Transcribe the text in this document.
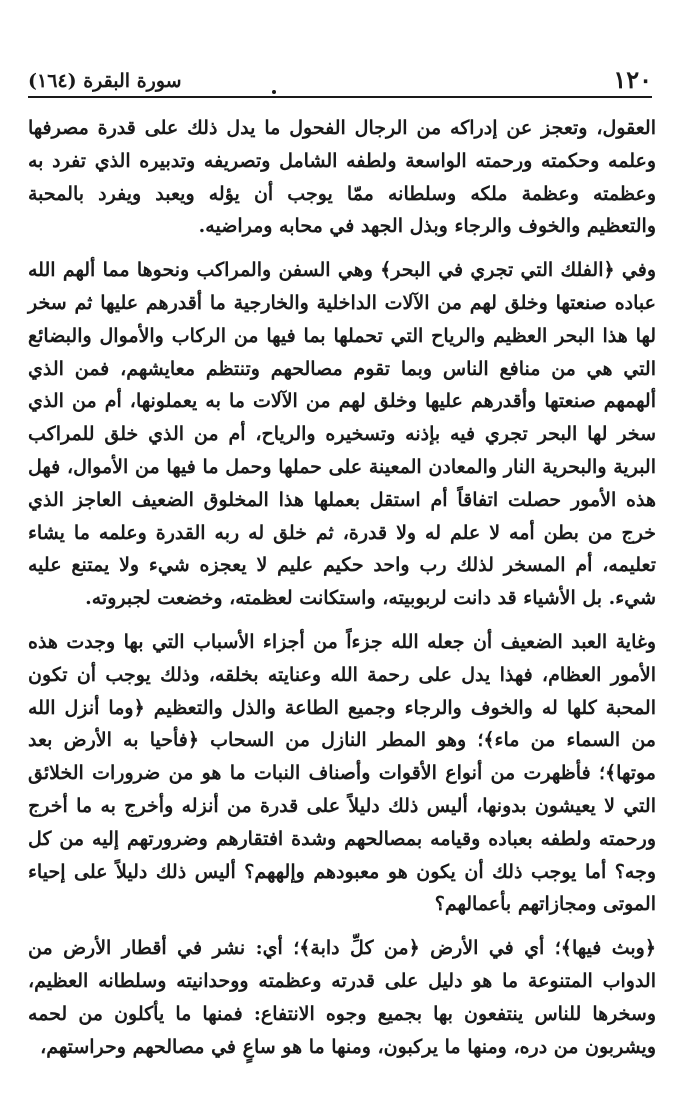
١٢٠
سورة البقرة (١٦٤)

العقول، وتعجز عن إدراكه من الرجال الفحول ما يدل ذلك على قدرة مصرفها وعلمه وحكمته ورحمته الواسعة ولطفه الشامل وتصريفه وتدبيره الذي تفرد به وعظمته وعظمة ملكه وسلطانه ممّا يوجب أن يؤله ويعبد ويفرد بالمحبة والتعظيم والخوف والرجاء وبذل الجهد في محابه ومراضيه.

وفي ﴿الفلك التي تجري في البحر﴾ وهي السفن والمراكب ونحوها مما ألهم الله عباده صنعتها وخلق لهم من الآلات الداخلية والخارجية ما أقدرهم عليها ثم سخر لها هذا البحر العظيم والرياح التي تحملها بما فيها من الركاب والأموال والبضائع التي هي من منافع الناس وبما تقوم مصالحهم وتنتظم معايشهم، فمن الذي ألهمهم صنعتها وأقدرهم عليها وخلق لهم من الآلات ما به يعملونها، أم من الذي سخر لها البحر تجري فيه بإذنه وتسخيره والرياح، أم من الذي خلق للمراكب البرية والبحرية النار والمعادن المعينة على حملها وحمل ما فيها من الأموال، فهل هذه الأمور حصلت اتفاقاً أم استقل بعملها هذا المخلوق الضعيف العاجز الذي خرج من بطن أمه لا علم له ولا قدرة، ثم خلق له ربه القدرة وعلمه ما يشاء تعليمه، أم المسخر لذلك رب واحد حكيم عليم لا يعجزه شيء ولا يمتنع عليه شيء. بل الأشياء قد دانت لربوبيته، واستكانت لعظمته، وخضعت لجبروته.

وغاية العبد الضعيف أن جعله الله جزءاً من أجزاء الأسباب التي بها وجدت هذه الأمور العظام، فهذا يدل على رحمة الله وعنايته بخلقه، وذلك يوجب أن تكون المحبة كلها له والخوف والرجاء وجميع الطاعة والذل والتعظيم ﴿وما أنزل الله من السماء من ماء﴾؛ وهو المطر النازل من السحاب ﴿فأحيا به الأرض بعد موتها﴾؛ فأظهرت من أنواع الأقوات وأصناف النبات ما هو من ضرورات الخلائق التي لا يعيشون بدونها، أليس ذلك دليلاً على قدرة من أنزله وأخرج به ما أخرج ورحمته ولطفه بعباده وقيامه بمصالحهم وشدة افتقارهم وضرورتهم إليه من كل وجه؟ أما يوجب ذلك أن يكون هو معبودهم وإلههم؟ أليس ذلك دليلاً على إحياء الموتى ومجازاتهم بأعمالهم؟

﴿وبث فيها﴾؛ أي في الأرض ﴿من كلِّ دابة﴾؛ أي: نشر في أقطار الأرض من الدواب المتنوعة ما هو دليل على قدرته وعظمته ووحدانيته وسلطانه العظيم، وسخرها للناس ينتفعون بها بجميع وجوه الانتفاع: فمنها ما يأكلون من لحمه ويشربون من دره، ومنها ما يركبون، ومنها ما هو ساعٍ في مصالحهم وحراستهم،
